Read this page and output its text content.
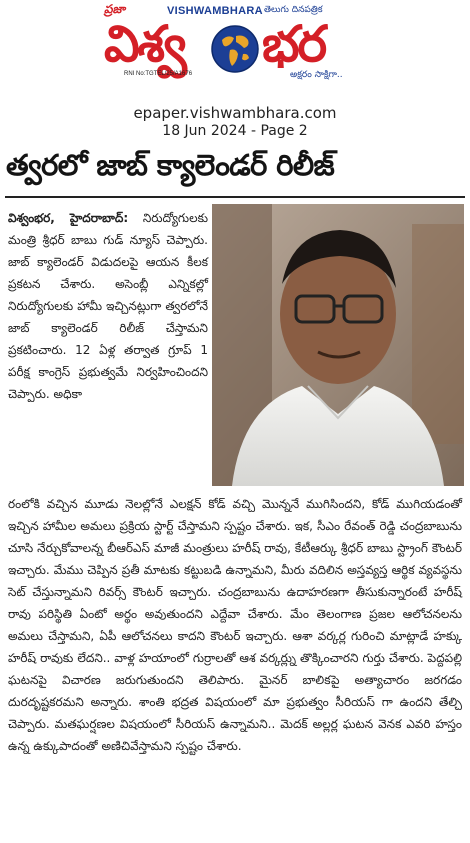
ప్రజా	VISHWAMBHARA తెలుగు దినపత్రిక
విశ్వ భర
RNI No:TGTEL/25/A1676	అక్షరం సాక్షిగా..
epaper.vishwambhara.com
18 Jun 2024 - Page 2
త్వరలో జాబ్ క్యాలెండర్ రిలీజ్
విశ్వంభర, హైదరాబాద్: నిరుద్యోగులకు మంత్రి శ్రీధర్ బాబు గుడ్ న్యూస్ చెప్పారు. జాబ్ క్యాలెండర్ విడుదలపై ఆయన కీలక ప్రకటన చేశారు. అసెంబ్లీ ఎన్నికల్లో నిరుద్యోగులకు హామీ ఇచ్చినట్లుగా త్వరలోనే జాబ్ క్యాలెండర్ రిలీజ్ చేస్తామని ప్రకటించారు. 12 ఏళ్ల తర్వాత గ్రూప్ 1 పరీక్ష కాంగ్రెస్ ప్రభుత్వమే నిర్వహించిందని చెప్పారు. అధికా
రంలోకి వచ్చిన మూడు నెలల్లోనే ఎలక్షన్ కోడ్ వచ్చి మొన్ననే ముగిసిందని, కోడ్ ముగియడంతో ఇచ్చిన హామీల అమలు ప్రక్రియ స్టార్ట్ చేస్తామని స్పష్టం చేశారు. ఇక, సీఎం రేవంత్ రెడ్డి చంద్రబాబును చూసి నేర్చుకోవాలన్న బీఆర్ఎస్ మాజీ మంత్రులు హరీష్ రావు, కేటీఆర్కు శ్రీధర్ బాబు స్ట్రాంగ్ కౌంటర్ ఇచ్చారు. మేము చెప్పిన ప్రతీ మాటకు కట్టుబడి ఉన్నామని, మీరు వదిలిన అస్తవ్యస్త ఆర్థిక వ్యవస్థను సెట్ చేస్తున్నామని రివర్స్ కౌంటర్ ఇచ్చారు. చంద్రబాబును ఉదాహరణగా తీసుకున్నారంటే హరీష్ రావు పరిస్థితి ఏంటో అర్థం అవుతుందని ఎద్దేవా చేశారు. మేం తెలంగాణ ప్రజల ఆలోచనలను అమలు చేస్తామని, ఏపీ ఆలోచనలు కాదని కౌంటర్ ఇచ్చారు. ఆశా వర్కర్ల గురించి మాట్లాడే హక్కు హరీష్ రావుకు లేదని.. వాళ్ల హయాంలో గుర్రాలతో ఆశ వర్కర్ల్ను తొక్కించారని గుర్తు చేశారు. పెద్దపల్లి ఘటనపై విచారణ జరుగుతుందని తెలిపారు. మైనర్ బాలికపై అత్యాచారం జరగడం దురదృష్టకరమని అన్నారు. శాంతి భద్రత విషయంలో మా ప్రభుత్వం సీరియస్ గా ఉందని తేల్చి చెప్పారు. మతఘర్షణల విషయంలో సీరియస్ ఉన్నామని.. మెదక్ అల్లర్ల ఘటన వెనక ఎవరి హస్తం ఉన్న ఉక్కుపాదంతో అణిచివేస్తామని స్పష్టం చేశారు.
